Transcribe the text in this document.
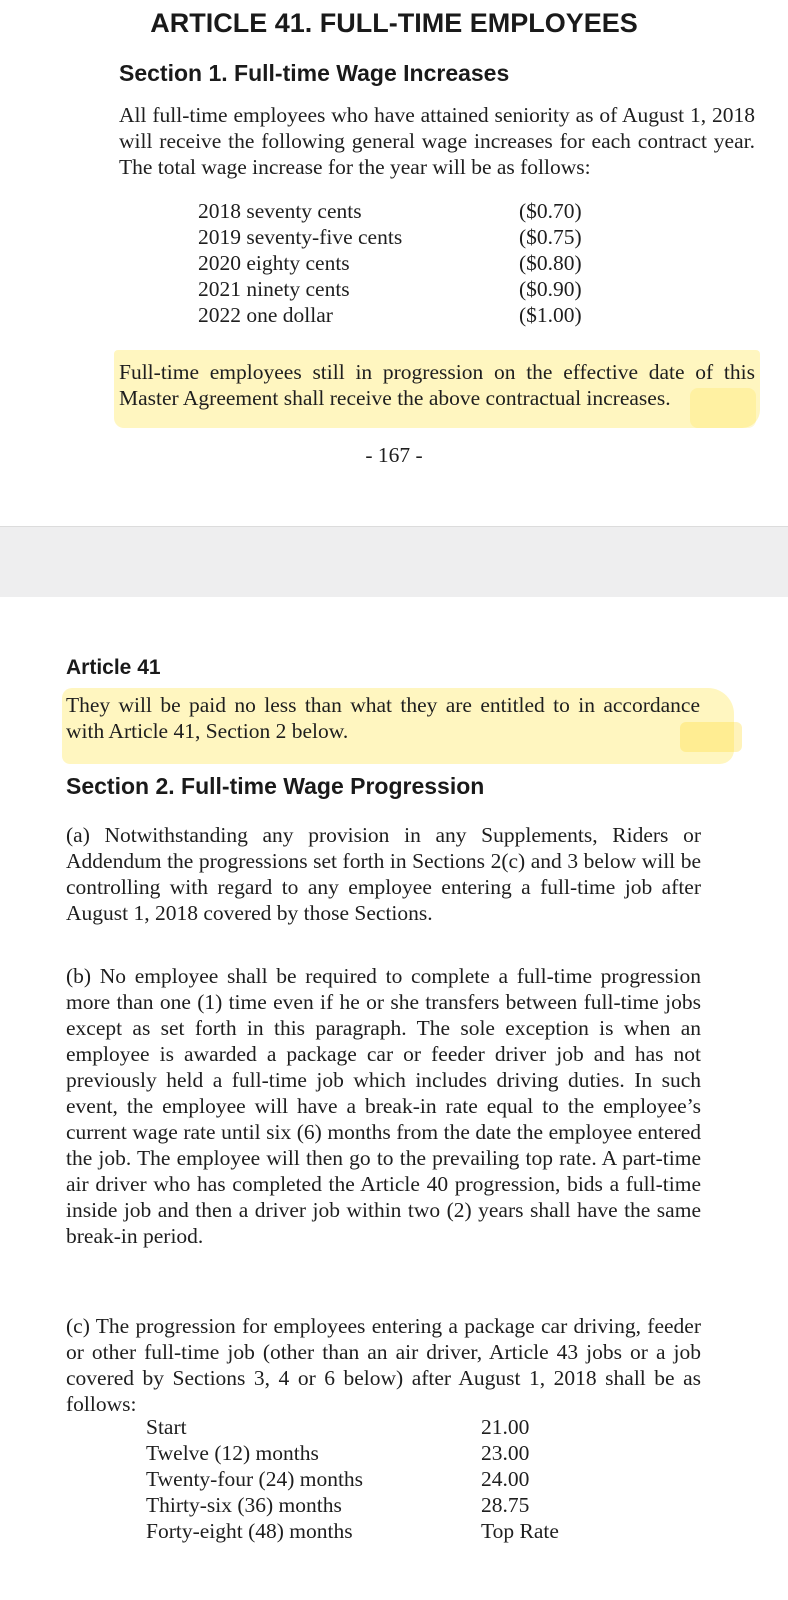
ARTICLE 41. FULL-TIME EMPLOYEES
Section 1. Full-time Wage Increases
All full-time employees who have attained seniority as of August 1, 2018 will receive the following general wage increases for each contract year. The total wage increase for the year will be as follows:
2018 seventy cents	($0.70)
2019 seventy-five cents	($0.75)
2020 eighty cents	($0.80)
2021 ninety cents	($0.90)
2022 one dollar	($1.00)
Full-time employees still in progression on the effective date of this Master Agreement shall receive the above contractual increases.
- 167 -
Article 41
They will be paid no less than what they are entitled to in accordance with Article 41, Section 2 below.
Section 2. Full-time Wage Progression
(a) Notwithstanding any provision in any Supplements, Riders or Addendum the progressions set forth in Sections 2(c) and 3 below will be controlling with regard to any employee entering a full-time job after August 1, 2018 covered by those Sections.
(b) No employee shall be required to complete a full-time progression more than one (1) time even if he or she transfers between full-time jobs except as set forth in this paragraph. The sole exception is when an employee is awarded a package car or feeder driver job and has not previously held a full-time job which includes driving duties. In such event, the employee will have a break-in rate equal to the employee’s current wage rate until six (6) months from the date the employee entered the job. The employee will then go to the prevailing top rate. A part-time air driver who has completed the Article 40 progression, bids a full-time inside job and then a driver job within two (2) years shall have the same break-in period.
(c) The progression for employees entering a package car driving, feeder or other full-time job (other than an air driver, Article 43 jobs or a job covered by Sections 3, 4 or 6 below) after August 1, 2018 shall be as follows:
Start	21.00
Twelve (12) months	23.00
Twenty-four (24) months	24.00
Thirty-six (36) months	28.75
Forty-eight (48) months	Top Rate
